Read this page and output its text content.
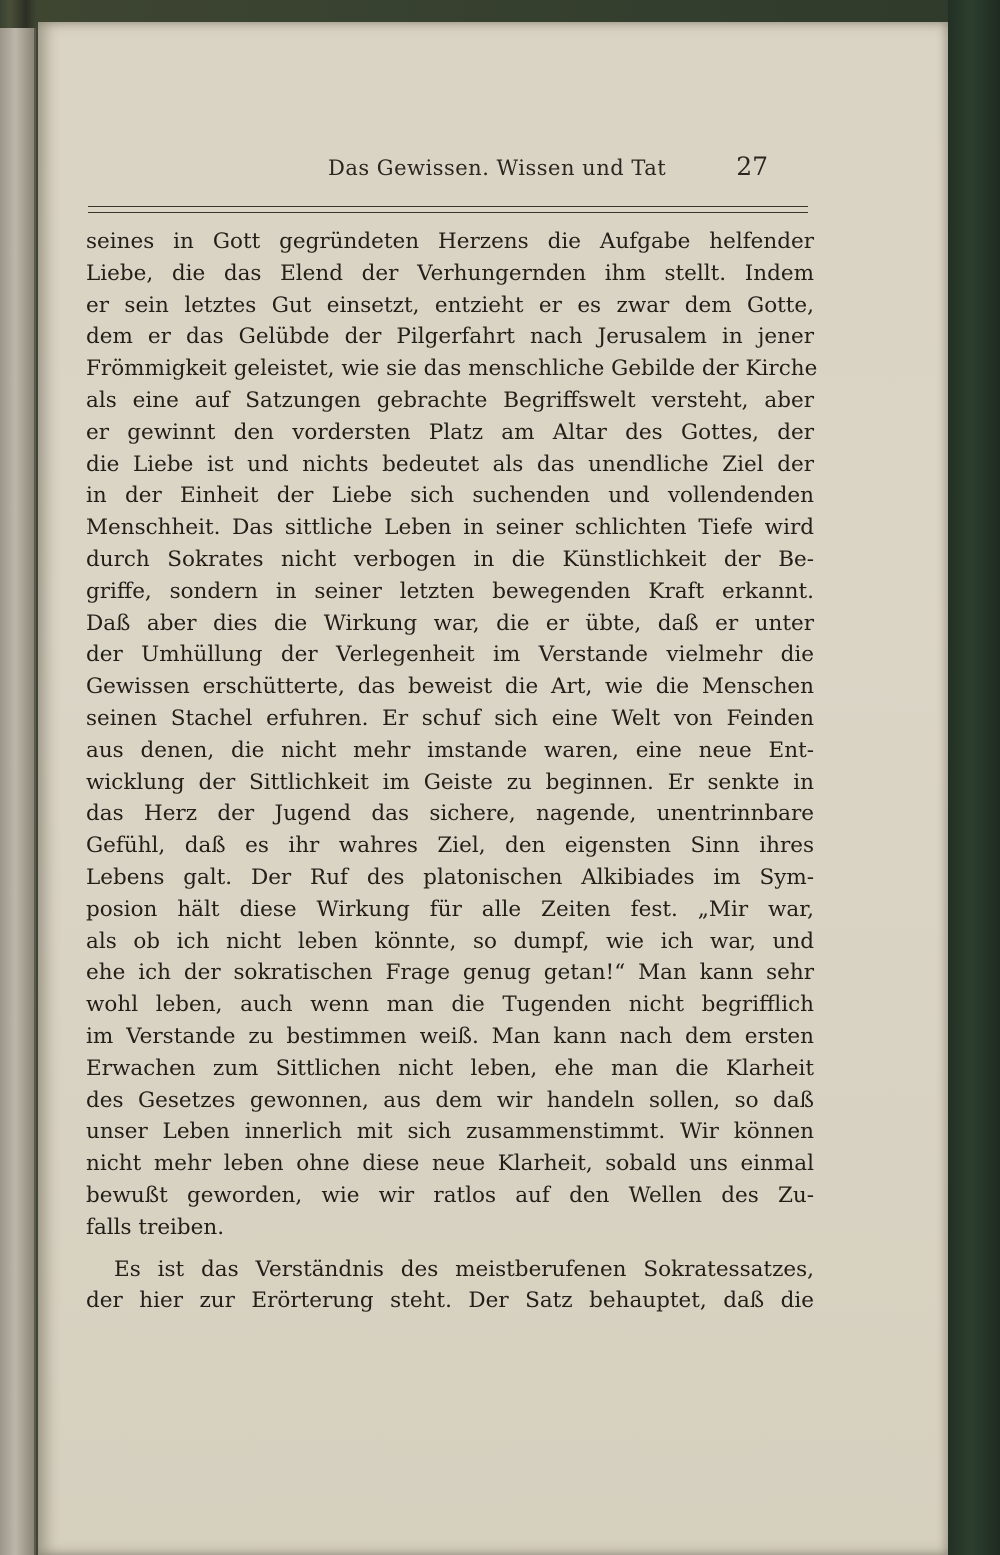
Das Gewissen. Wissen und Tat	27
seines in Gott gegründeten Herzens die Aufgabe helfender
Liebe, die das Elend der Verhungernden ihm stellt. Indem
er sein letztes Gut einsetzt, entzieht er es zwar dem Gotte,
dem er das Gelübde der Pilgerfahrt nach Jerusalem in jener
Frömmigkeit geleistet, wie sie das menschliche Gebilde der Kirche
als eine auf Satzungen gebrachte Begriffswelt versteht, aber
er gewinnt den vordersten Platz am Altar des Gottes, der
die Liebe ist und nichts bedeutet als das unendliche Ziel der
in der Einheit der Liebe sich suchenden und vollendenden
Menschheit. Das sittliche Leben in seiner schlichten Tiefe wird
durch Sokrates nicht verbogen in die Künstlichkeit der Be-
griffe, sondern in seiner letzten bewegenden Kraft erkannt.
Daß aber dies die Wirkung war, die er übte, daß er unter
der Umhüllung der Verlegenheit im Verstande vielmehr die
Gewissen erschütterte, das beweist die Art, wie die Menschen
seinen Stachel erfuhren. Er schuf sich eine Welt von Feinden
aus denen, die nicht mehr imstande waren, eine neue Ent-
wicklung der Sittlichkeit im Geiste zu beginnen. Er senkte in
das Herz der Jugend das sichere, nagende, unentrinnbare
Gefühl, daß es ihr wahres Ziel, den eigensten Sinn ihres
Lebens galt. Der Ruf des platonischen Alkibiades im Sym-
posion hält diese Wirkung für alle Zeiten fest. „Mir war,
als ob ich nicht leben könnte, so dumpf, wie ich war, und
ehe ich der sokratischen Frage genug getan!“ Man kann sehr
wohl leben, auch wenn man die Tugenden nicht begrifflich
im Verstande zu bestimmen weiß. Man kann nach dem ersten
Erwachen zum Sittlichen nicht leben, ehe man die Klarheit
des Gesetzes gewonnen, aus dem wir handeln sollen, so daß
unser Leben innerlich mit sich zusammenstimmt. Wir können
nicht mehr leben ohne diese neue Klarheit, sobald uns einmal
bewußt geworden, wie wir ratlos auf den Wellen des Zu-
falls treiben.
Es ist das Verständnis des meistberufenen Sokratessatzes,
der hier zur Erörterung steht. Der Satz behauptet, daß die
